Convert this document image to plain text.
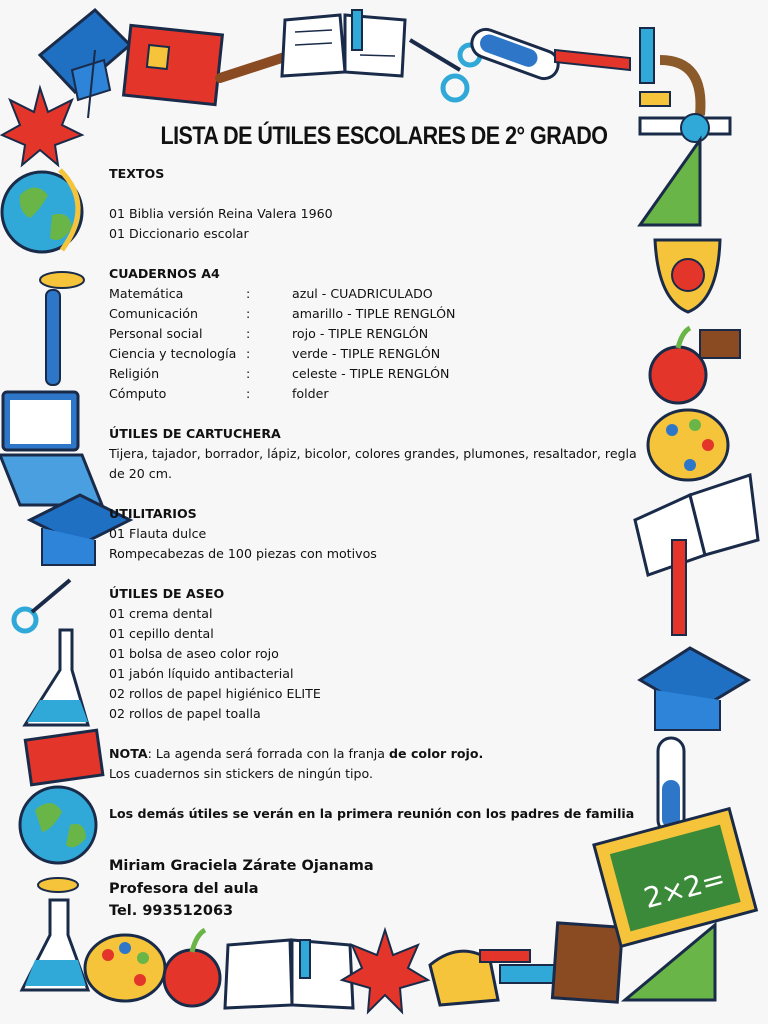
2×2=
LISTA DE ÚTILES ESCOLARES DE 2° GRADO
TEXTOS
01 Biblia versión Reina Valera 1960
01 Diccionario escolar
CUADERNOS A4
Matemática	:	azul - CUADRICULADO
Comunicación	:	amarillo - TIPLE RENGLÓN
Personal social	:	rojo - TIPLE RENGLÓN
Ciencia y tecnología :	verde - TIPLE RENGLÓN
Religión	:	celeste - TIPLE RENGLÓN
Cómputo	:	folder
ÚTILES DE CARTUCHERA
Tijera, tajador, borrador, lápiz, bicolor, colores grandes, plumones, resaltador, regla
de 20 cm.
UTILITARIOS
01 Flauta dulce
Rompecabezas de 100 piezas con motivos
ÚTILES DE ASEO
01 crema dental
01 cepillo dental
01 bolsa de aseo color rojo
01 jabón líquido antibacterial
02 rollos de papel higiénico ELITE
02 rollos de papel toalla
NOTA: La agenda será forrada con la franja de color rojo.
Los cuadernos sin stickers de ningún tipo.
Los demás útiles se verán en la primera reunión con los padres de familia
Miriam Graciela Zárate Ojanama
Profesora del aula
Tel. 993512063
